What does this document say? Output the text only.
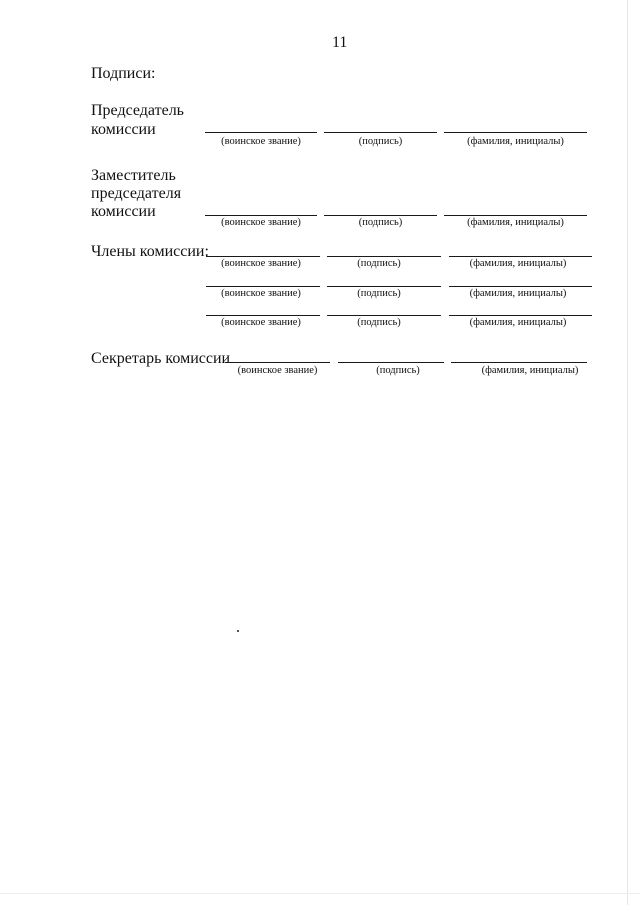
11
Подписи:
Председатель
комиссии
(воинское звание)	(подпись)	(фамилия, инициалы)
Заместитель
председателя
комиссии
(воинское звание)	(подпись)	(фамилия, инициалы)
Члены комиссии:
(воинское звание)	(подпись)	(фамилия, инициалы)
(воинское звание)	(подпись)	(фамилия, инициалы)
(воинское звание)	(подпись)	(фамилия, инициалы)
Секретарь комиссии
(воинское звание)	(подпись)	(фамилия, инициалы)
